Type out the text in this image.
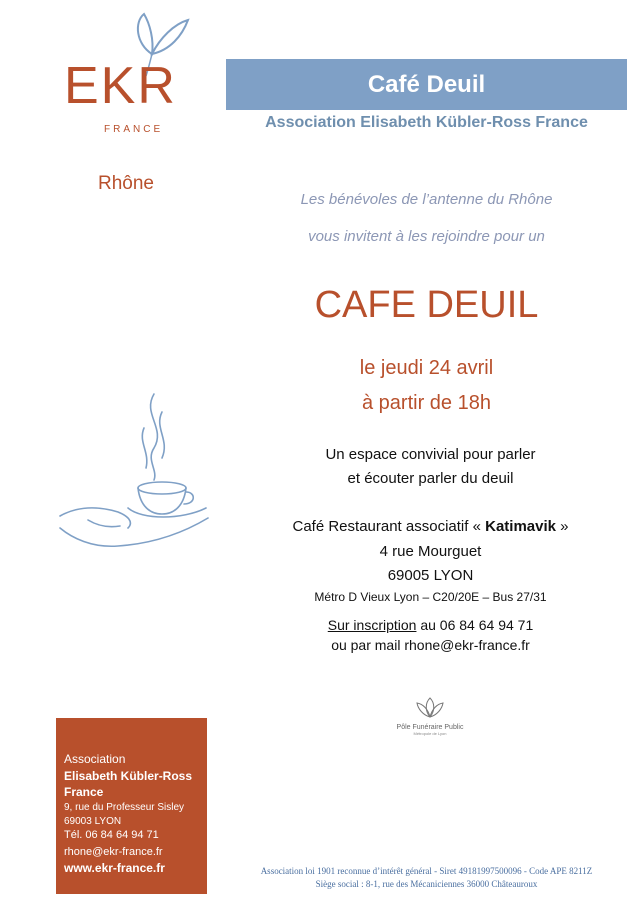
EKR
FRANCE
Café Deuil
Association Elisabeth Kübler-Ross France
Rhône
Les bénévoles de l’antenne du Rhône
vous invitent à les rejoindre pour un
CAFE DEUIL
le jeudi 24 avril
à partir de 18h
Un espace convivial pour parler
et écouter parler du deuil
Café Restaurant associatif « Katimavik »
4 rue Mourguet
69005 LYON
Métro D Vieux Lyon – C20/20E – Bus 27/31
Sur inscription au 06 84 64 94 71
ou par mail rhone@ekr-france.fr
Pôle Funéraire Public
Métropole de Lyon
Association
Elisabeth Kübler-Ross
France
9, rue du Professeur Sisley
69003 LYON
Tél. 06 84 64 94 71
rhone@ekr-france.fr
www.ekr-france.fr	Association loi 1901 reconnue d’intérêt général - Siret 49181997500096 - Code APE 8211Z
Siège social : 8-1, rue des Mécaniciennes 36000 Châteauroux
